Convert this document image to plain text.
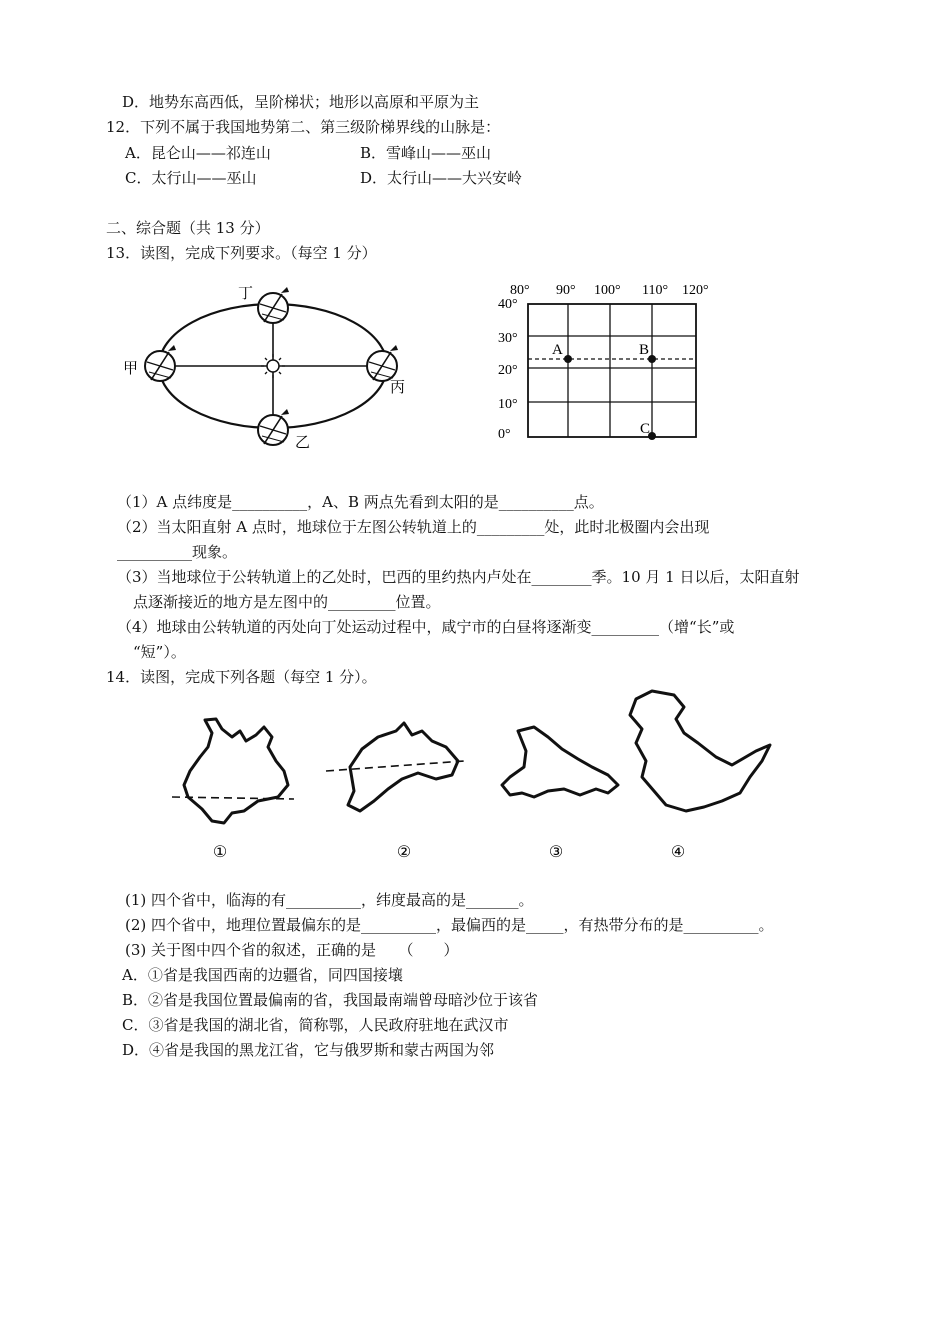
D．地势东高西低，呈阶梯状；地形以高原和平原为主
12．下列不属于我国地势第二、第三级阶梯界线的山脉是：
A．昆仑山——祁连山	B．雪峰山——巫山
C．太行山——巫山	D．太行山——大兴安岭
二、综合题（共 13 分）
13．读图，完成下列要求。（每空 1 分）
丁
甲
丙
乙
80° 90° 100° 110° 120°
40°
30°
20°
10°
0°
A	B
C
（1）A 点纬度是__________，A、B 两点先看到太阳的是__________点。
（2）当太阳直射 A 点时，地球位于左图公转轨道上的_________处，此时北极圈内会出现
__________现象。
（3）当地球位于公转轨道上的乙处时，巴西的里约热内卢处在________季。10 月 1 日以后，太阳直射
点逐渐接近的地方是左图中的_________位置。
（4）地球由公转轨道的丙处向丁处运动过程中，咸宁市的白昼将逐渐变_________（增“长”或
“短”）。
14．读图，完成下列各题（每空 1 分）。
①	②	③	④
(1) 四个省中，临海的有__________，纬度最高的是_______。
(2) 四个省中，地理位置最偏东的是__________，最偏西的是_____，有热带分布的是__________。
(3) 关于图中四个省的叙述，正确的是　　（　　）
A．①省是我国西南的边疆省，同四国接壤
B．②省是我国位置最偏南的省，我国最南端曾母暗沙位于该省
C．③省是我国的湖北省，简称鄂，人民政府驻地在武汉市
D．④省是我国的黑龙江省，它与俄罗斯和蒙古两国为邻
